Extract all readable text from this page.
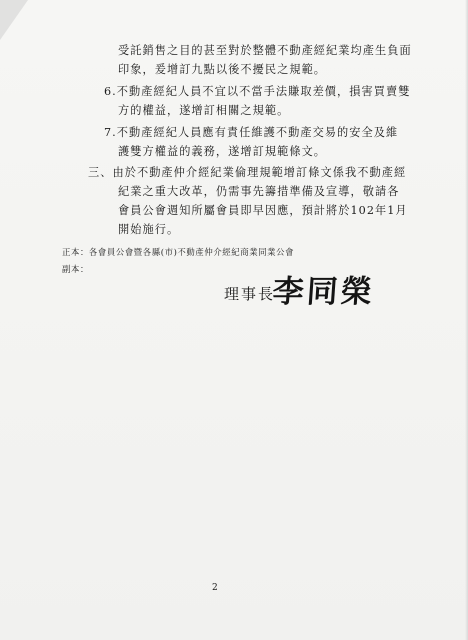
受託銷售之目的甚至對於整體不動產經紀業均產生負面
印象，爰增訂九點以後不擾民之規範。
6.不動產經紀人員不宜以不當手法賺取差價，損害買賣雙
方的權益，遂增訂相關之規範。
7.不動產經紀人員應有責任維護不動產交易的安全及維
護雙方權益的義務，遂增訂規範條文。
三、由於不動產仲介經紀業倫理規範增訂條文係我不動產經
紀業之重大改革，仍需事先籌措準備及宣導，敬請各
會員公會週知所屬會員即早因應，預計將於102年1月
開始施行。
正本：各會員公會暨各縣(市)不動產仲介經紀商業同業公會
副本：
理事長
李同榮
2
